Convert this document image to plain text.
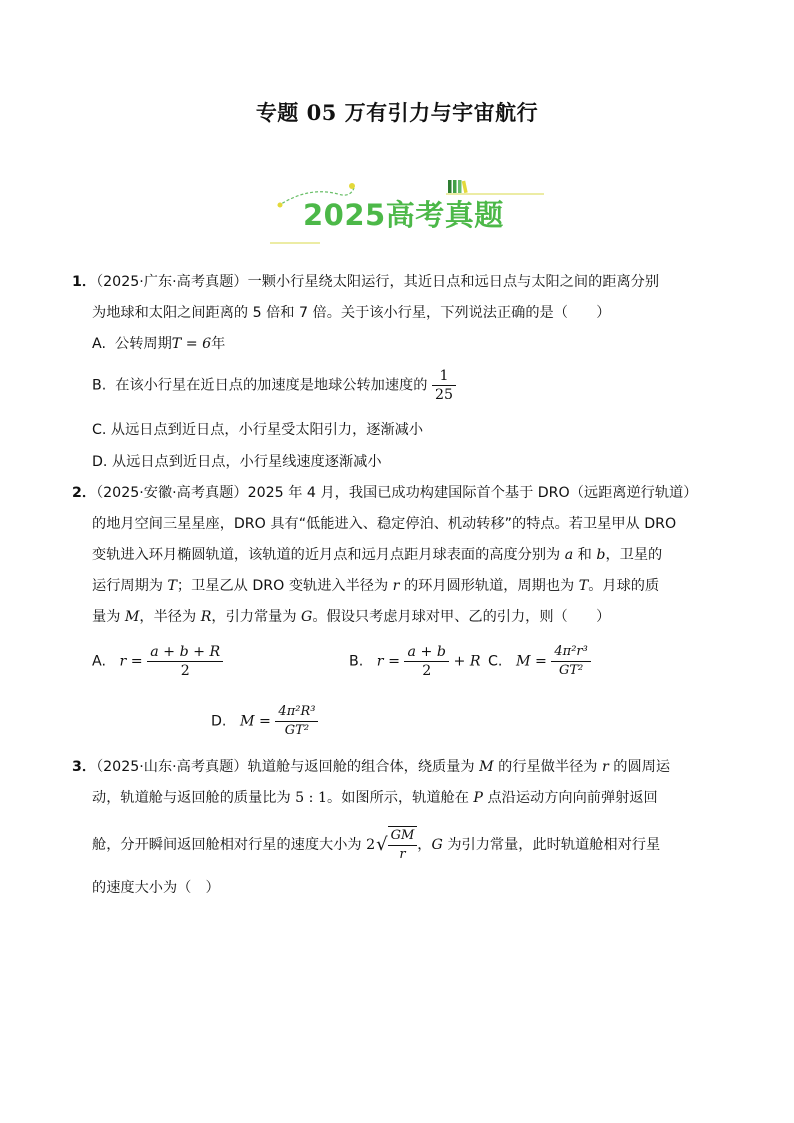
专题 05 万有引力与宇宙航行
2025高考真题
1．（2025·广东·高考真题）一颗小行星绕太阳运行，其近日点和远日点与太阳之间的距离分别
为地球和太阳之间距离的 5 倍和 7 倍。关于该小行星，下列说法正确的是（　　）
A. 公转周期T = 6年
B. 在该小行星在近日点的加速度是地球公转加速度的 $\frac{1}{25}$
C. 从远日点到近日点，小行星受太阳引力，逐渐减小
D. 从远日点到近日点，小行星线速度逐渐减小
2．（2025·安徽·高考真题）2025 年 4 月，我国已成功构建国际首个基于 DRO（远距离逆行轨道）
的地月空间三星星座，DRO 具有“低能进入、稳定停泊、机动转移”的特点。若卫星甲从 DRO
变轨进入环月椭圆轨道，该轨道的近月点和远月点距月球表面的高度分别为 a 和 b，卫星的
运行周期为 T；卫星乙从 DRO 变轨进入半径为 r 的环月圆形轨道，周期也为 T。月球的质
量为 M，半径为 R，引力常量为 G。假设只考虑月球对甲、乙的引力，则（　　）
A. $r = \frac{a + b + R}{2}$	B. $r = \frac{a + b}{2} + R$ C. $M = \frac{\text{4π²r³}}{\text{GT²}}$
D. $M = \frac{\text{4π²R³}}{\text{GT²}}$
3．（2025·山东·高考真题）轨道舱与返回舱的组合体，绕质量为 M 的行星做半径为 r 的圆周运
动，轨道舱与返回舱的质量比为 5 : 1。如图所示，轨道舱在 P 点沿运动方向向前弹射返回
舱，分开瞬间返回舱相对行星的速度大小为 $2√ \frac{GM}{r}$ ，G 为引力常量，此时轨道舱相对行星
的速度大小为（　）
